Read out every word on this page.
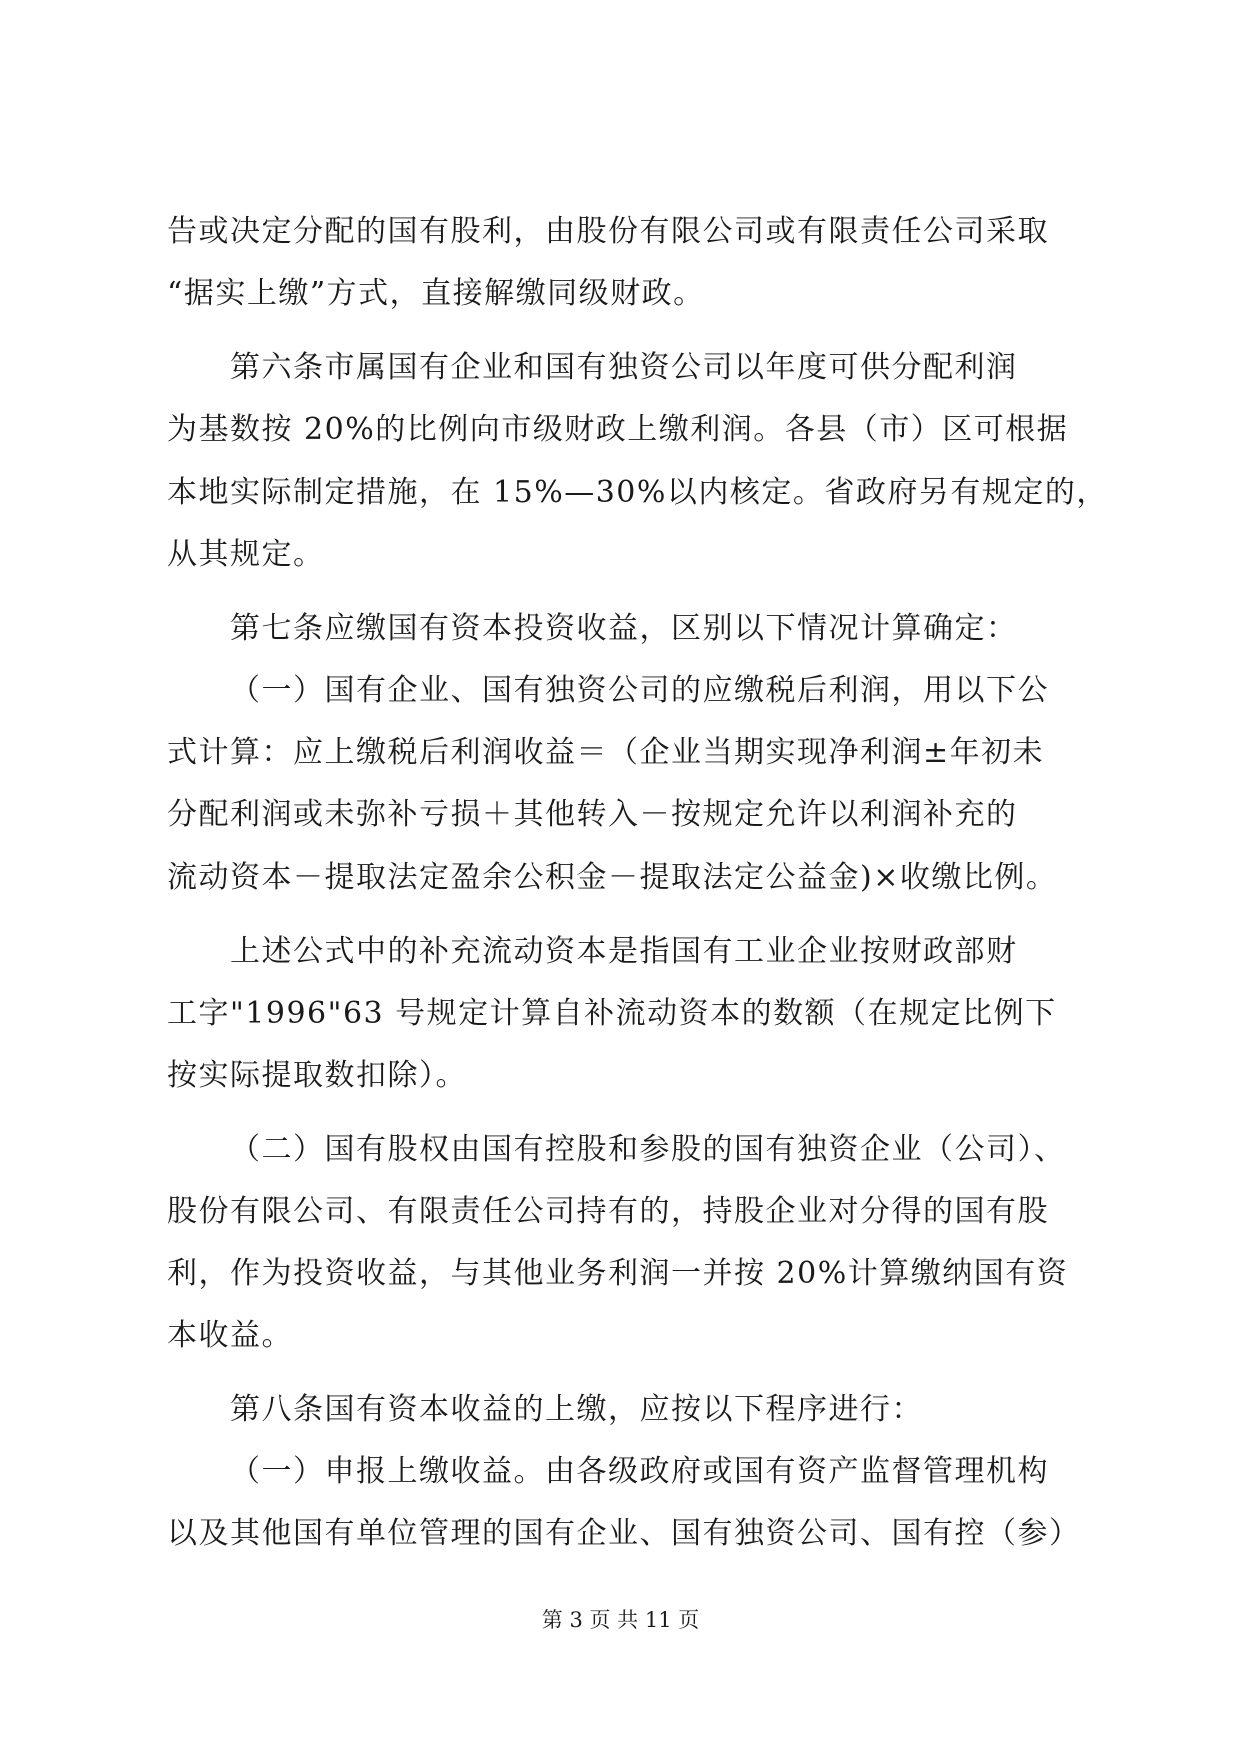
告或决定分配的国有股利，由股份有限公司或有限责任公司采取
“据实上缴”方式，直接解缴同级财政。
第六条市属国有企业和国有独资公司以年度可供分配利润
为基数按 20%的比例向市级财政上缴利润。各县（市）区可根据
本地实际制定措施，在 15%—30%以内核定。省政府另有规定的，
从其规定。
第七条应缴国有资本投资收益，区别以下情况计算确定：
（一）国有企业、国有独资公司的应缴税后利润，用以下公
式计算：应上缴税后利润收益＝（企业当期实现净利润±年初未
分配利润或未弥补亏损＋其他转入－按规定允许以利润补充的
流动资本－提取法定盈余公积金－提取法定公益金)×收缴比例。
上述公式中的补充流动资本是指国有工业企业按财政部财
工字"1996"63 号规定计算自补流动资本的数额（在规定比例下
按实际提取数扣除）。
（二）国有股权由国有控股和参股的国有独资企业（公司）、
股份有限公司、有限责任公司持有的，持股企业对分得的国有股
利，作为投资收益，与其他业务利润一并按 20%计算缴纳国有资
本收益。
第八条国有资本收益的上缴，应按以下程序进行：
（一）申报上缴收益。由各级政府或国有资产监督管理机构
以及其他国有单位管理的国有企业、国有独资公司、国有控（参）
第 3 页 共 11 页
